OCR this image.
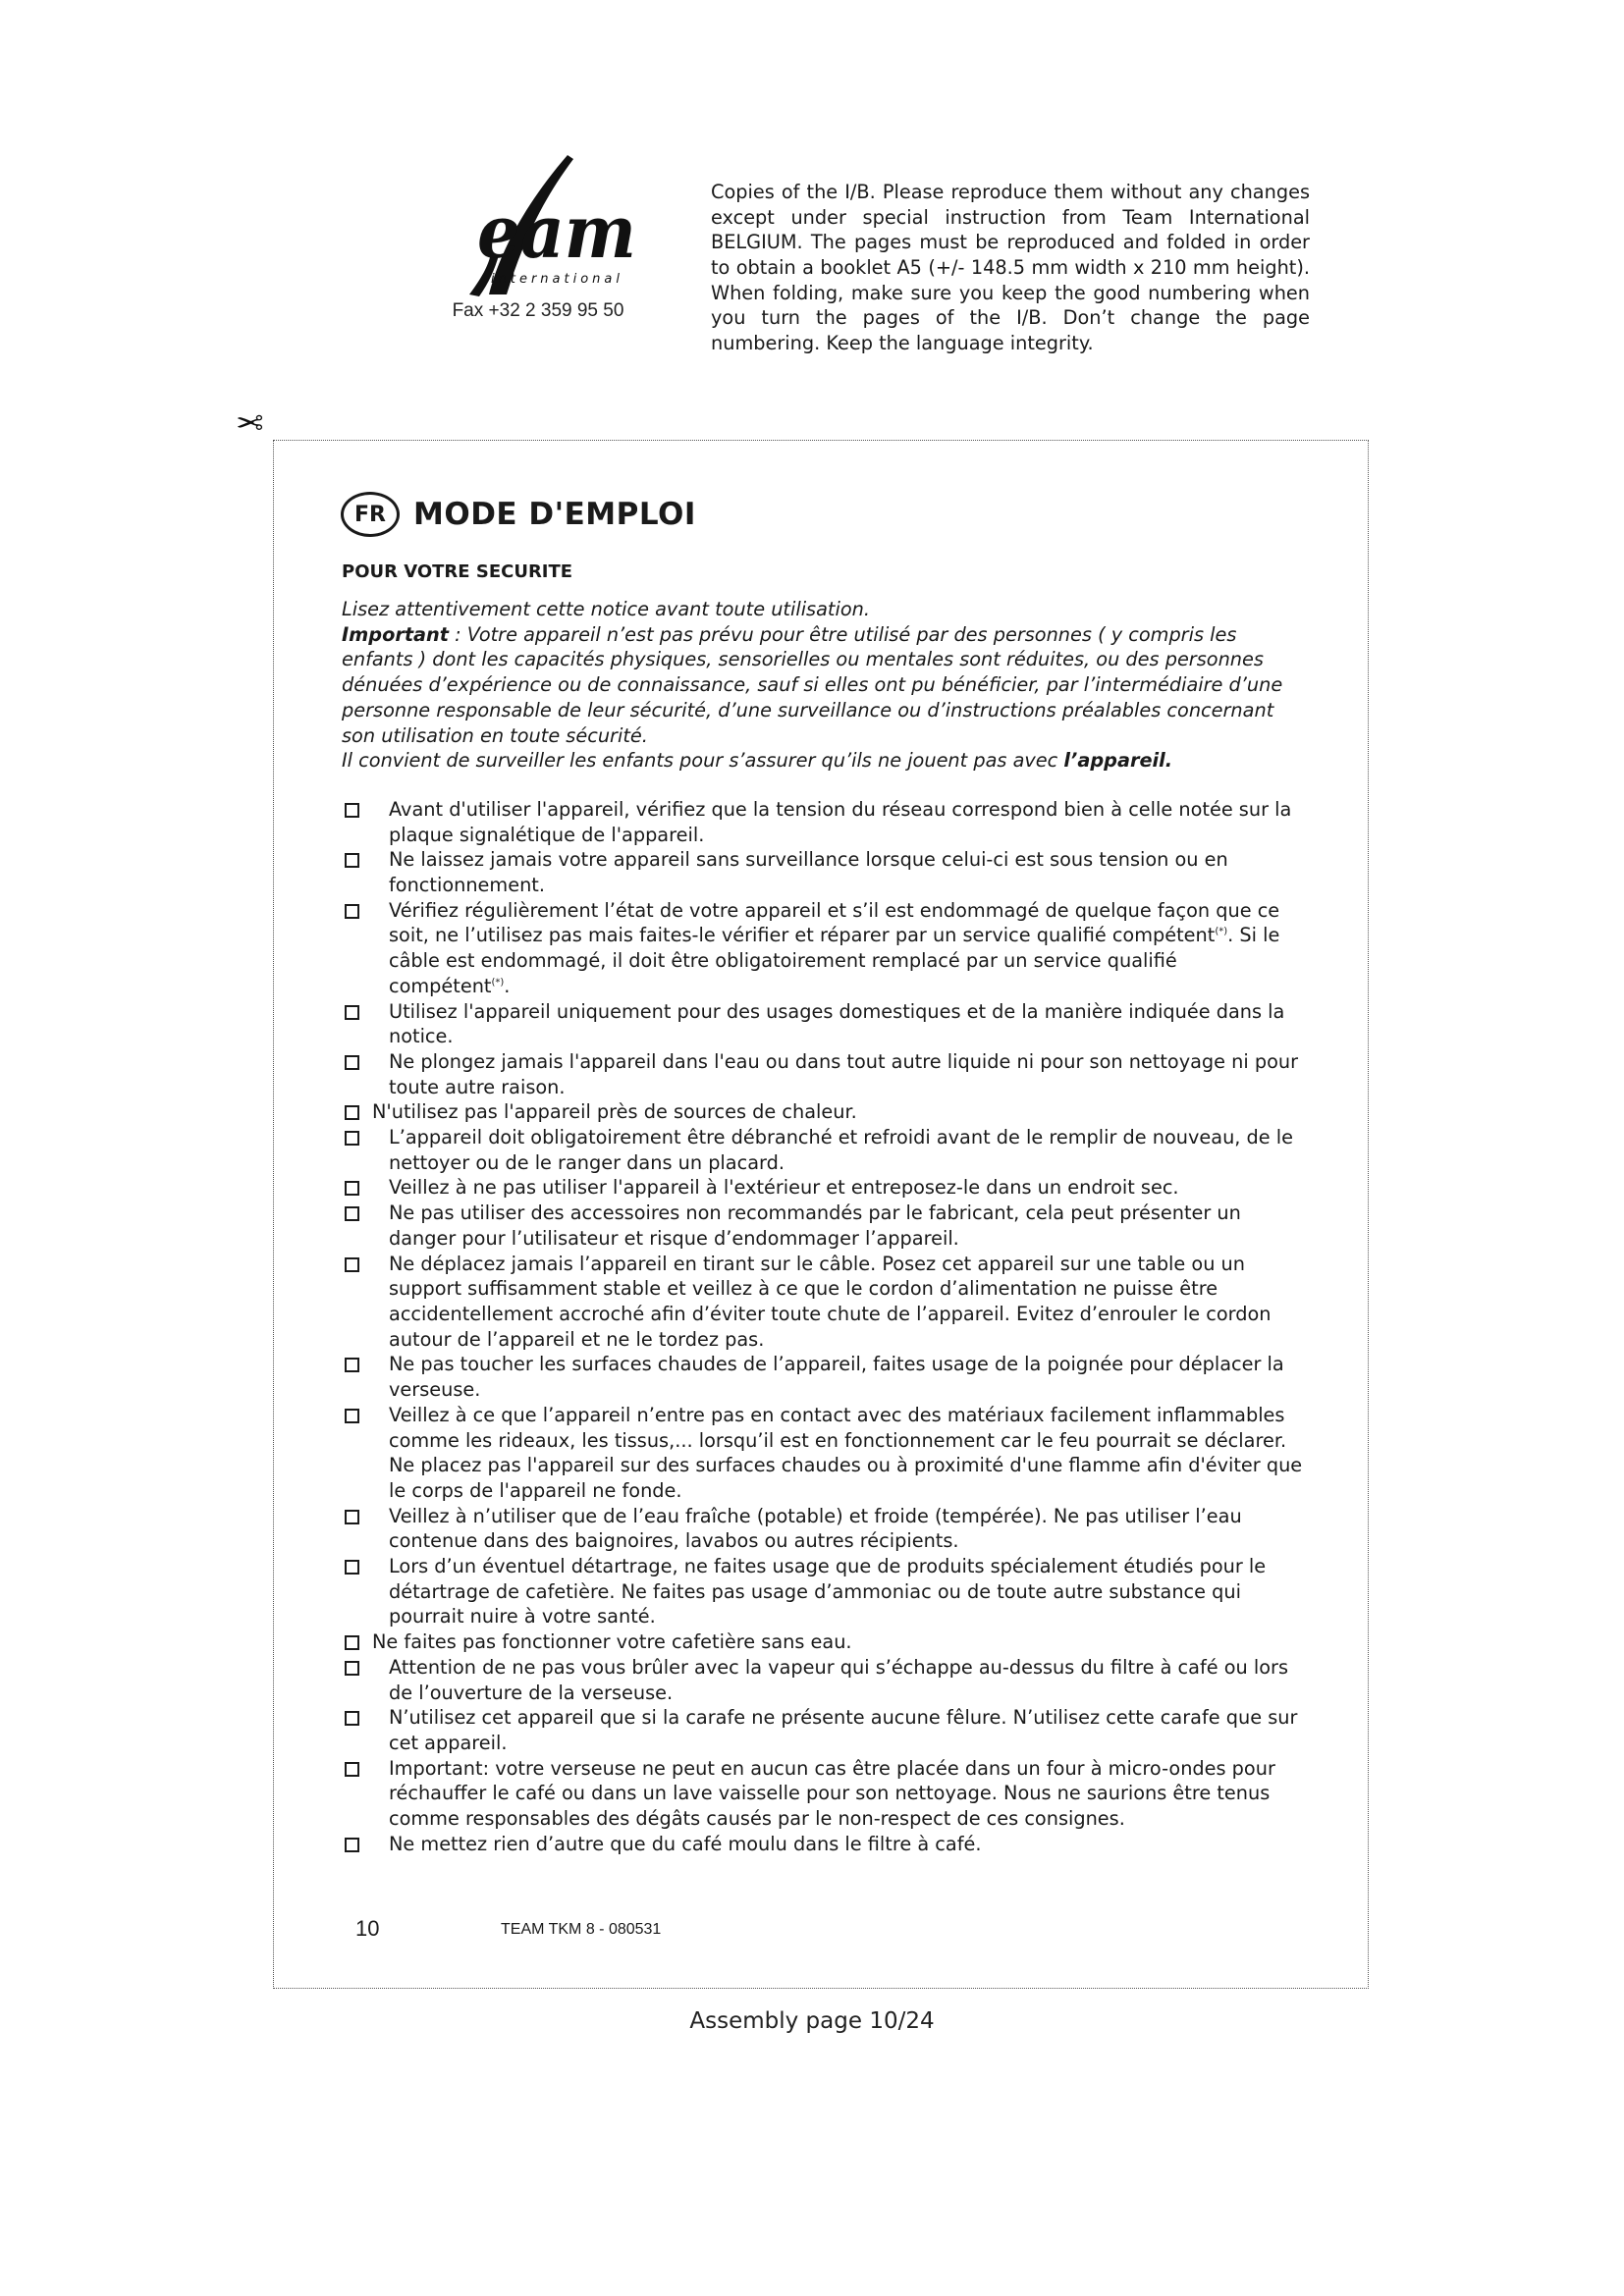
eam
international
Fax +32 2 359 95 50

Copies of the I/B. Please reproduce them without any changes except under special instruction from Team International BELGIUM. The pages must be reproduced and folded in order to obtain a booklet A5 (+/- 148.5 mm width x 210 mm height). When folding, make sure you keep the good numbering when you turn the pages of the I/B. Don’t change the page numbering. Keep the language integrity.

✂
FR MODE D'EMPLOI
POUR VOTRE SECURITE

Lisez attentivement cette notice avant toute utilisation.

Important : Votre appareil n’est pas prévu pour être utilisé par des personnes ( y compris les enfants ) dont les capacités physiques, sensorielles ou mentales sont réduites, ou des personnes dénuées d’expérience ou de connaissance, sauf si elles ont pu bénéficier, par l’intermédiaire d’une personne responsable de leur sécurité, d’une surveillance ou d’instructions préalables concernant son utilisation en toute sécurité.

Il convient de surveiller les enfants pour s’assurer qu’ils ne jouent pas avec l’appareil.

Avant d'utiliser l'appareil, vérifiez que la tension du réseau correspond bien à celle notée sur la plaque signalétique de l'appareil.
Ne laissez jamais votre appareil sans surveillance lorsque celui-ci est sous tension ou en fonctionnement.
Vérifiez régulièrement l’état de votre appareil et s’il est endommagé de quelque façon que ce soit, ne l’utilisez pas mais faites-le vérifier et réparer par un service qualifié compétent(*). Si le câble est endommagé, il doit être obligatoirement remplacé par un service qualifié compétent(*).
Utilisez l'appareil uniquement pour des usages domestiques et de la manière indiquée dans la notice.
Ne plongez jamais l'appareil dans l'eau ou dans tout autre liquide ni pour son nettoyage ni pour toute autre raison.
N'utilisez pas l'appareil près de sources de chaleur.
L’appareil doit obligatoirement être débranché et refroidi avant de le remplir de nouveau, de le nettoyer ou de le ranger dans un placard.
Veillez à ne pas utiliser l'appareil à l'extérieur et entreposez-le dans un endroit sec.
Ne pas utiliser des accessoires non recommandés par le fabricant, cela peut présenter un danger pour l’utilisateur et risque d’endommager l’appareil.
Ne déplacez jamais l’appareil en tirant sur le câble. Posez cet appareil sur une table ou un support suffisamment stable et veillez à ce que le cordon d’alimentation ne puisse être accidentellement accroché afin d’éviter toute chute de l’appareil. Evitez d’enrouler le cordon autour de l’appareil et ne le tordez pas.
Ne pas toucher les surfaces chaudes de l’appareil, faites usage de la poignée pour déplacer la verseuse.
Veillez à ce que l’appareil n’entre pas en contact avec des matériaux facilement inflammables comme les rideaux, les tissus,... lorsqu’il est en fonctionnement car le feu pourrait se déclarer. Ne placez pas l'appareil sur des surfaces chaudes ou à proximité d'une flamme afin d'éviter que le corps de l'appareil ne fonde.
Veillez à n’utiliser que de l’eau fraîche (potable) et froide (tempérée). Ne pas utiliser l’eau contenue dans des baignoires, lavabos ou autres récipients.
Lors d’un éventuel détartrage, ne faites usage que de produits spécialement étudiés pour le détartrage de cafetière. Ne faites pas usage d’ammoniac ou de toute autre substance qui pourrait nuire à votre santé.
Ne faites pas fonctionner votre cafetière sans eau.
Attention de ne pas vous brûler avec la vapeur qui s’échappe au-dessus du filtre à café ou lors de l’ouverture de la verseuse.
N’utilisez cet appareil que si la carafe ne présente aucune fêlure. N’utilisez cette carafe que sur cet appareil.
Important: votre verseuse ne peut en aucun cas être placée dans un four à micro-ondes pour réchauffer le café ou dans un lave vaisselle pour son nettoyage. Nous ne saurions être tenus comme responsables des dégâts causés par le non-respect de ces consignes.
Ne mettez rien d’autre que du café moulu dans le filtre à café.
10	TEAM TKM 8 - 080531
Assembly page 10/24
